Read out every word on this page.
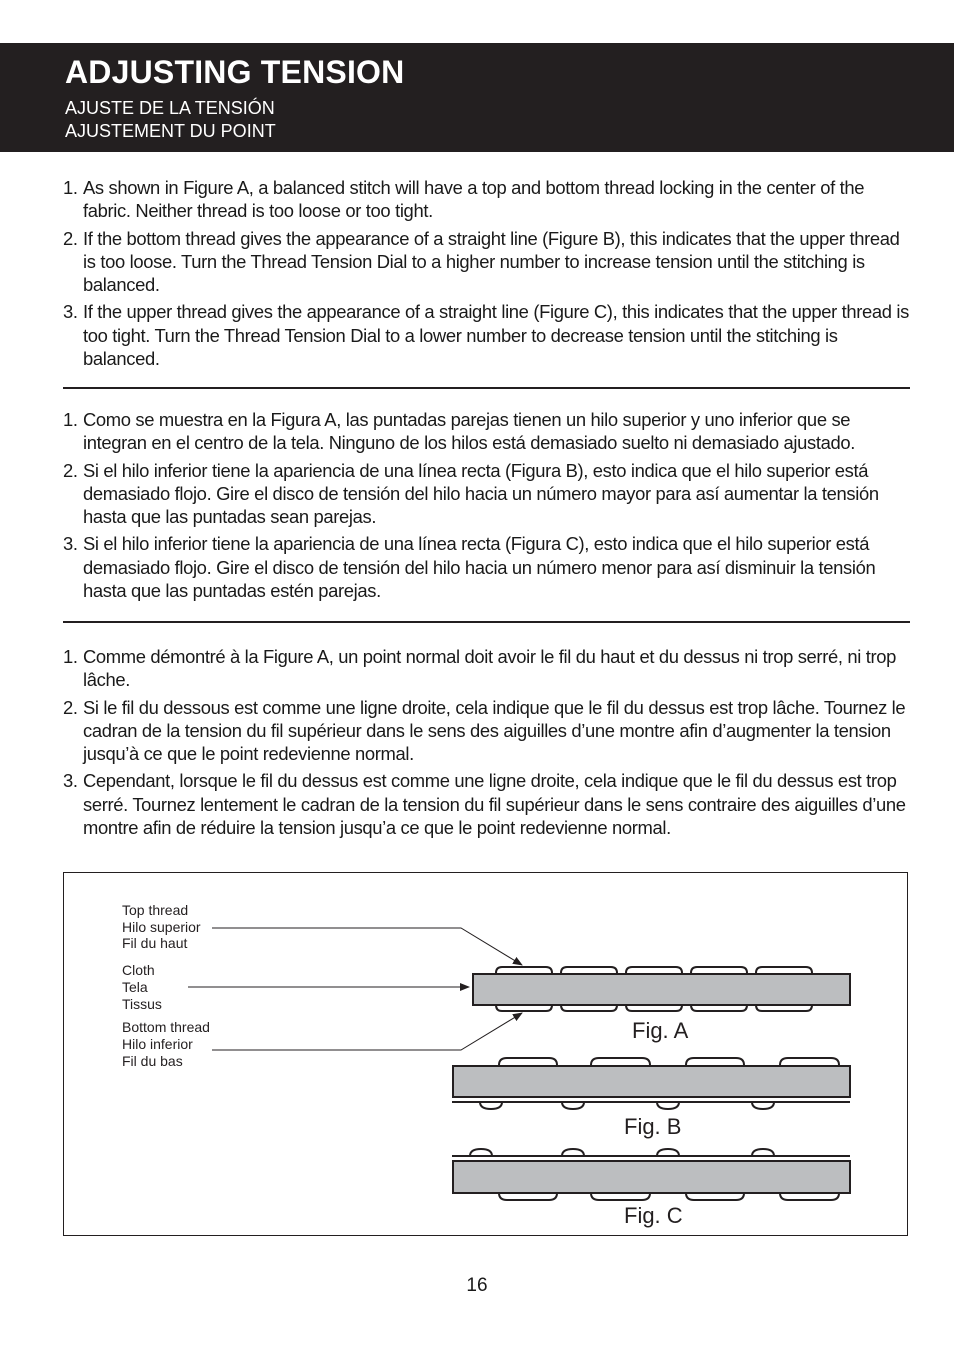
ADJUSTING TENSION
AJUSTE DE LA TENSIÓN
AJUSTEMENT DU POINT
1. As shown in Figure A, a balanced stitch will have a top and bottom thread locking in the center of the fabric. Neither thread is too loose or too tight.
2. If the bottom thread gives the appearance of a straight line (Figure B), this indicates that the upper thread is too loose. Turn the Thread Tension Dial to a higher number to increase tension until the stitching is balanced.
3. If the upper thread gives the appearance of a straight line (Figure C), this indicates that the upper thread is too tight. Turn the Thread Tension Dial to a lower number to decrease tension until the stitching is balanced.
1. Como se muestra en la Figura A, las puntadas parejas tienen un hilo superior y uno inferior que se integran en el centro de la tela. Ninguno de los hilos está demasiado suelto ni demasiado ajustado.
2. Si el hilo inferior tiene la apariencia de una línea recta (Figura B), esto indica que el hilo superior está demasiado flojo. Gire el disco de tensión del hilo hacia un número mayor para así aumentar la tensión hasta que las puntadas sean parejas.
3. Si el hilo inferior tiene la apariencia de una línea recta (Figura C), esto indica que el hilo superior está demasiado flojo. Gire el disco de tensión del hilo hacia un número menor para así disminuir la tensión hasta que las puntadas estén parejas.
1. Comme démontré à la Figure A, un point normal doit avoir le fil du haut et du dessus ni trop serré, ni trop lâche.
2. Si le fil du dessous est comme une ligne droite, cela indique que le fil du dessus est trop lâche. Tournez le cadran de la tension du fil supérieur dans le sens des aiguilles d’une montre afin d’augmenter la tension jusqu’à ce que le point redevienne normal.
3. Cependant, lorsque le fil du dessus est comme une ligne droite, cela indique que le fil du dessus est trop serré. Tournez lentement le cadran de la tension du fil supérieur dans le sens contraire des aiguilles d’une montre afin de réduire la tension jusqu’a ce que le point redevienne normal.
Top thread
Hilo superior
Fil du haut
Cloth
Tela
Tissus
Bottom thread
Hilo inferior
Fil du bas
Fig. A
Fig. B
Fig. C
16
